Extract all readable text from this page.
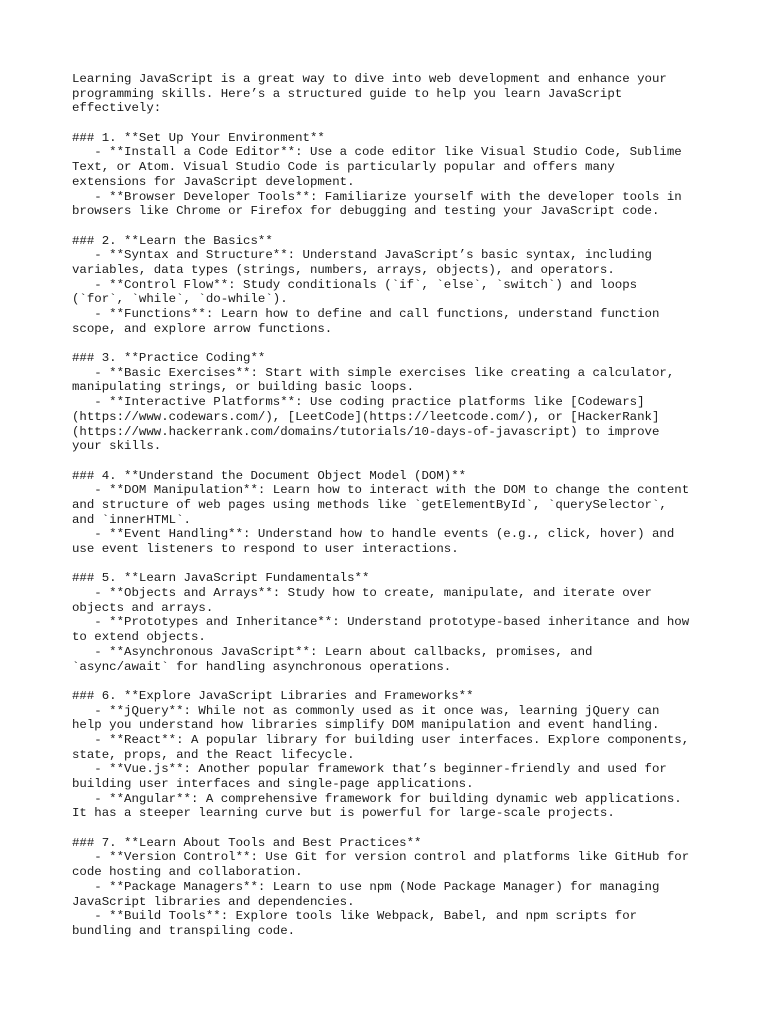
Learning JavaScript is a great way to dive into web development and enhance your
programming skills. Here’s a structured guide to help you learn JavaScript
effectively:
### 1. **Set Up Your Environment**
- **Install a Code Editor**: Use a code editor like Visual Studio Code, Sublime
Text, or Atom. Visual Studio Code is particularly popular and offers many
extensions for JavaScript development.
- **Browser Developer Tools**: Familiarize yourself with the developer tools in
browsers like Chrome or Firefox for debugging and testing your JavaScript code.
### 2. **Learn the Basics**
- **Syntax and Structure**: Understand JavaScript’s basic syntax, including
variables, data types (strings, numbers, arrays, objects), and operators.
- **Control Flow**: Study conditionals (`if`, `else`, `switch`) and loops
(`for`, `while`, `do-while`).
- **Functions**: Learn how to define and call functions, understand function
scope, and explore arrow functions.
### 3. **Practice Coding**
- **Basic Exercises**: Start with simple exercises like creating a calculator,
manipulating strings, or building basic loops.
- **Interactive Platforms**: Use coding practice platforms like [Codewars]
(https://www.codewars.com/), [LeetCode](https://leetcode.com/), or [HackerRank]
(https://www.hackerrank.com/domains/tutorials/10-days-of-javascript) to improve
your skills.
### 4. **Understand the Document Object Model (DOM)**
- **DOM Manipulation**: Learn how to interact with the DOM to change the content
and structure of web pages using methods like `getElementById`, `querySelector`,
and `innerHTML`.
- **Event Handling**: Understand how to handle events (e.g., click, hover) and
use event listeners to respond to user interactions.
### 5. **Learn JavaScript Fundamentals**
- **Objects and Arrays**: Study how to create, manipulate, and iterate over
objects and arrays.
- **Prototypes and Inheritance**: Understand prototype-based inheritance and how
to extend objects.
- **Asynchronous JavaScript**: Learn about callbacks, promises, and
`async/await` for handling asynchronous operations.
### 6. **Explore JavaScript Libraries and Frameworks**
- **jQuery**: While not as commonly used as it once was, learning jQuery can
help you understand how libraries simplify DOM manipulation and event handling.
- **React**: A popular library for building user interfaces. Explore components,
state, props, and the React lifecycle.
- **Vue.js**: Another popular framework that’s beginner-friendly and used for
building user interfaces and single-page applications.
- **Angular**: A comprehensive framework for building dynamic web applications.
It has a steeper learning curve but is powerful for large-scale projects.
### 7. **Learn About Tools and Best Practices**
- **Version Control**: Use Git for version control and platforms like GitHub for
code hosting and collaboration.
- **Package Managers**: Learn to use npm (Node Package Manager) for managing
JavaScript libraries and dependencies.
- **Build Tools**: Explore tools like Webpack, Babel, and npm scripts for
bundling and transpiling code.
